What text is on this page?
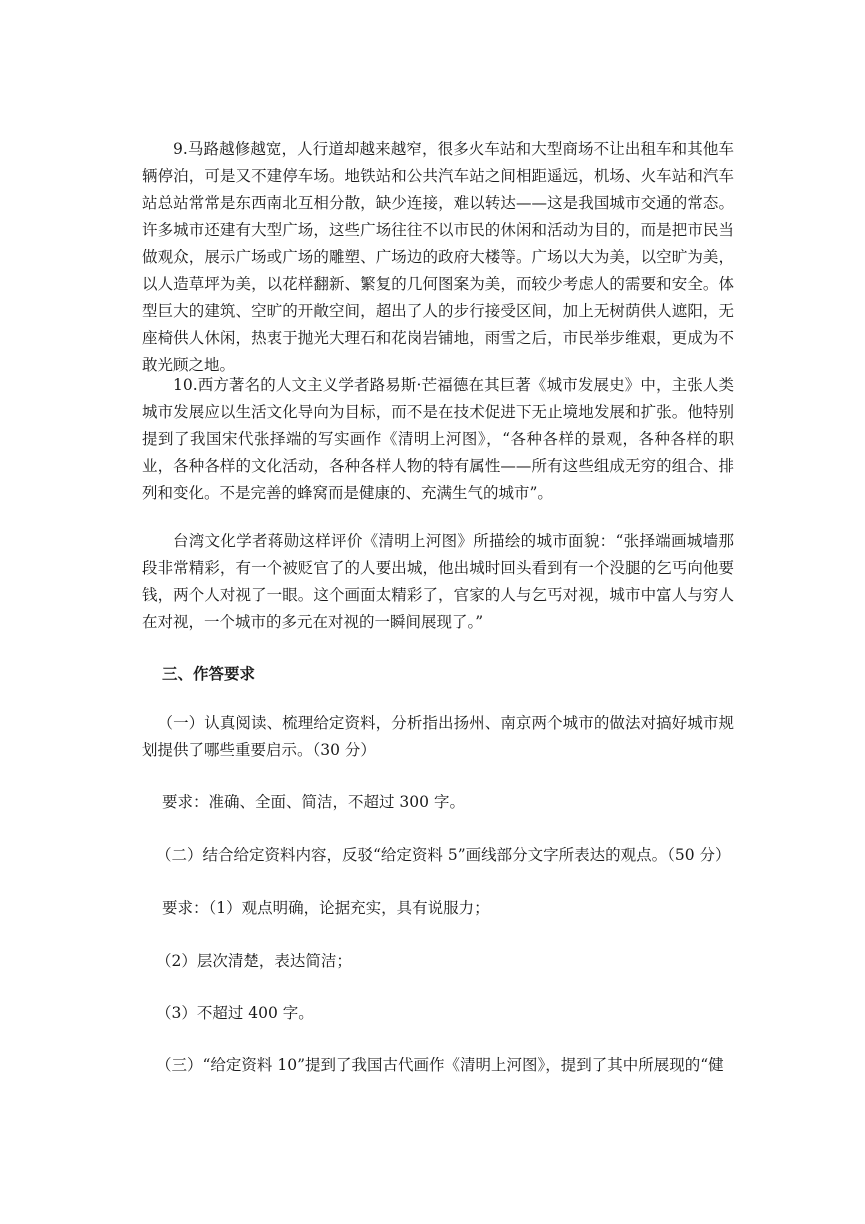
9.马路越修越宽，人行道却越来越窄，很多火车站和大型商场不让出租车和其他车辆停泊，可是又不建停车场。地铁站和公共汽车站之间相距遥远，机场、火车站和汽车站总站常常是东西南北互相分散，缺少连接，难以转达——这是我国城市交通的常态。许多城市还建有大型广场，这些广场往往不以市民的休闲和活动为目的，而是把市民当做观众，展示广场或广场的雕塑、广场边的政府大楼等。广场以大为美，以空旷为美，以人造草坪为美，以花样翻新、繁复的几何图案为美，而较少考虑人的需要和安全。体型巨大的建筑、空旷的开敞空间，超出了人的步行接受区间，加上无树荫供人遮阳，无座椅供人休闲，热衷于抛光大理石和花岗岩铺地，雨雪之后，市民举步维艰，更成为不敢光顾之地。

10.西方著名的人文主义学者路易斯·芒福德在其巨著《城市发展史》中，主张人类城市发展应以生活文化导向为目标，而不是在技术促进下无止境地发展和扩张。他特别提到了我国宋代张择端的写实画作《清明上河图》，“各种各样的景观，各种各样的职业，各种各样的文化活动，各种各样人物的特有属性——所有这些组成无穷的组合、排列和变化。不是完善的蜂窝而是健康的、充满生气的城市”。

台湾文化学者蒋勋这样评价《清明上河图》所描绘的城市面貌：“张择端画城墙那段非常精彩，有一个被贬官了的人要出城，他出城时回头看到有一个没腿的乞丐向他要钱，两个人对视了一眼。这个画面太精彩了，官家的人与乞丐对视，城市中富人与穷人在对视，一个城市的多元在对视的一瞬间展现了。”

三、作答要求

（一）认真阅读、梳理给定资料，分析指出扬州、南京两个城市的做法对搞好城市规划提供了哪些重要启示。（30 分）

要求：准确、全面、简洁，不超过 300 字。

（二）结合给定资料内容，反驳“给定资料 5”画线部分文字所表达的观点。（50 分）

要求：（1）观点明确，论据充实，具有说服力；

（2）层次清楚，表达简洁；

（3）不超过 400 字。

（三）“给定资料 10”提到了我国古代画作《清明上河图》，提到了其中所展现的“健
